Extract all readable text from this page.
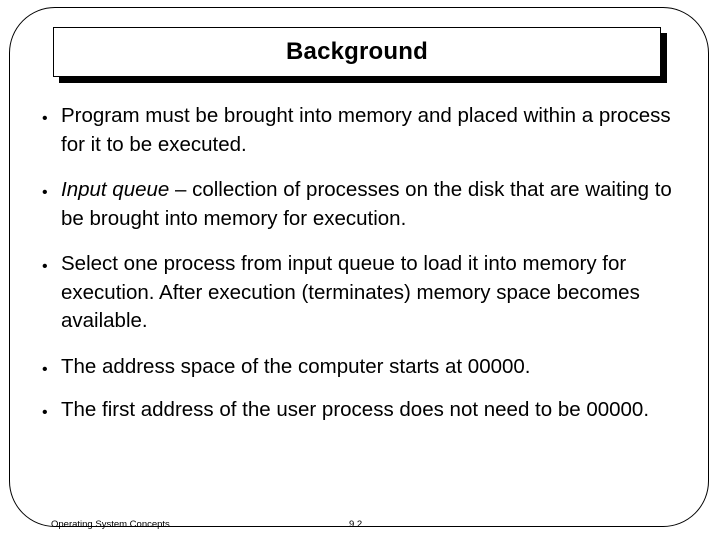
Background
• Program must be brought into memory and placed within a process for it to be executed.
• Input queue – collection of processes on the disk that are waiting to be brought into memory for execution.
• Select one process from input queue to load it into memory for execution. After execution (terminates) memory space becomes available.
• The address space of the computer starts at 00000.
• The first address of the user process does not need to be 00000.
Operating System Concepts	9.2
